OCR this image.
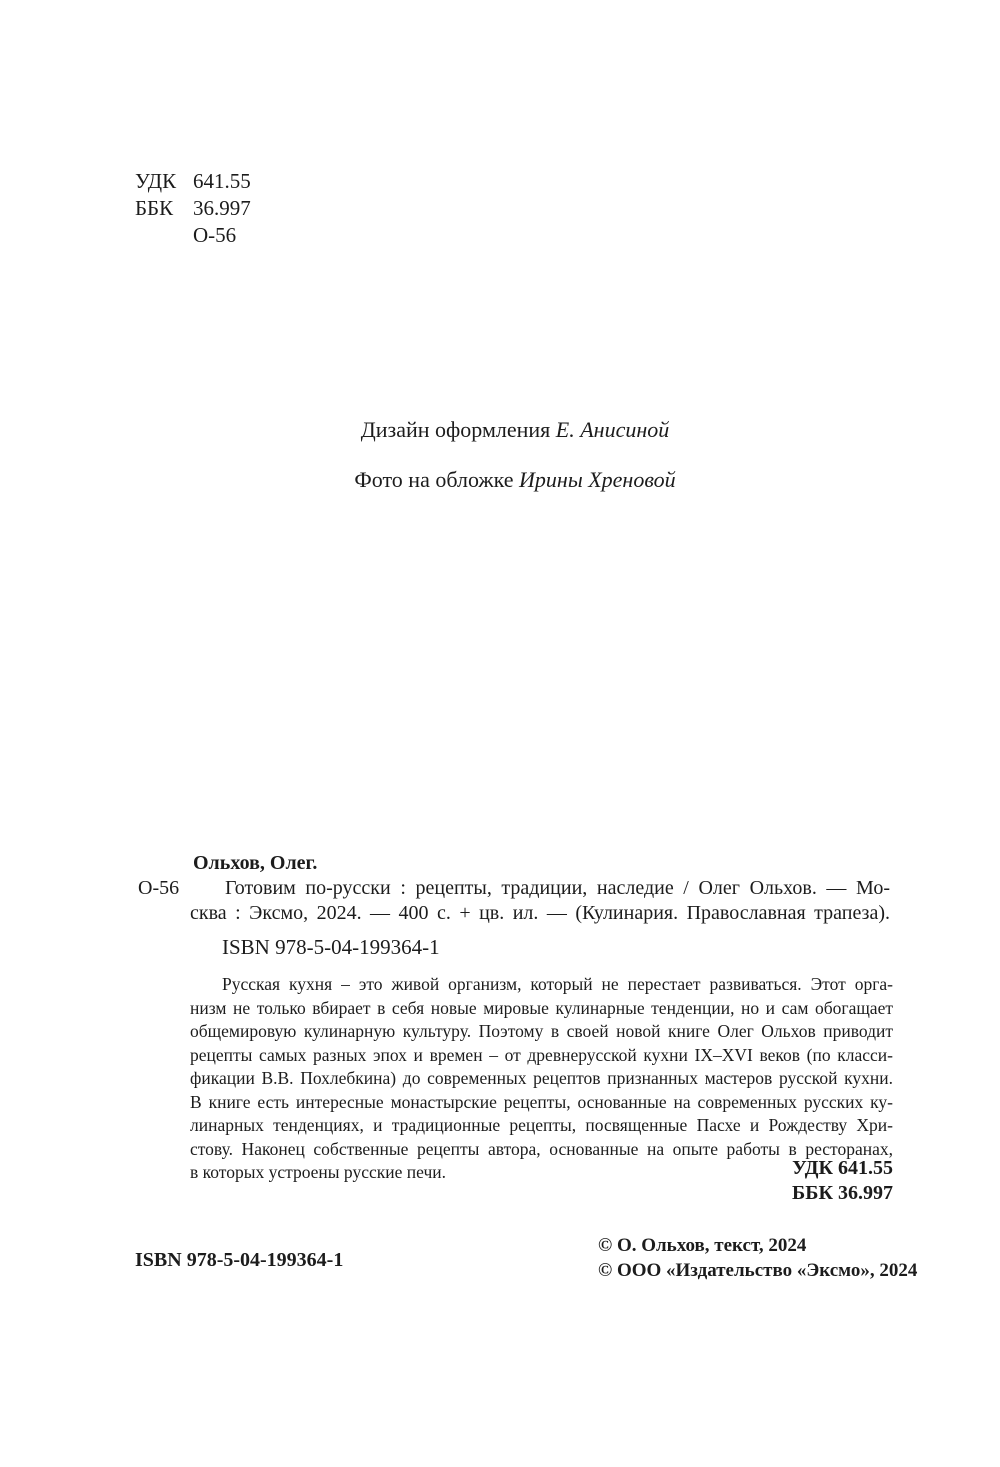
УДК 641.55
ББК 36.997
О-56
Дизайн оформления Е. Анисиной
Фото на обложке Ирины Хреновой
О-56
Ольхов, Олег.
Готовим по-русски : рецепты, традиции, наследие / Олег Ольхов. — Мо-
сква : Эксмо, 2024. — 400 с. + цв. ил. — (Кулинария. Православная трапеза).
ISBN 978-5-04-199364-1
Русская кухня – это живой организм, который не перестает развиваться. Этот орга-
низм не только вбирает в себя новые мировые кулинарные тенденции, но и сам обогащает
общемировую кулинарную культуру. Поэтому в своей новой книге Олег Ольхов приводит
рецепты самых разных эпох и времен – от древнерусской кухни IX–XVI веков (по класси-
фикации В.В. Похлебкина) до современных рецептов признанных мастеров русской кухни.
В книге есть интересные монастырские рецепты, основанные на современных русских ку-
линарных тенденциях, и традиционные рецепты, посвященные Пасхе и Рождеству Хри-
стову. Наконец собственные рецепты автора, основанные на опыте работы в ресторанах,
в которых устроены русские печи.	УДК 641.55
ББК 36.997
© О. Ольхов, текст, 2024
© ООО «Издательство «Эксмо», 2024
ISBN 978-5-04-199364-1
